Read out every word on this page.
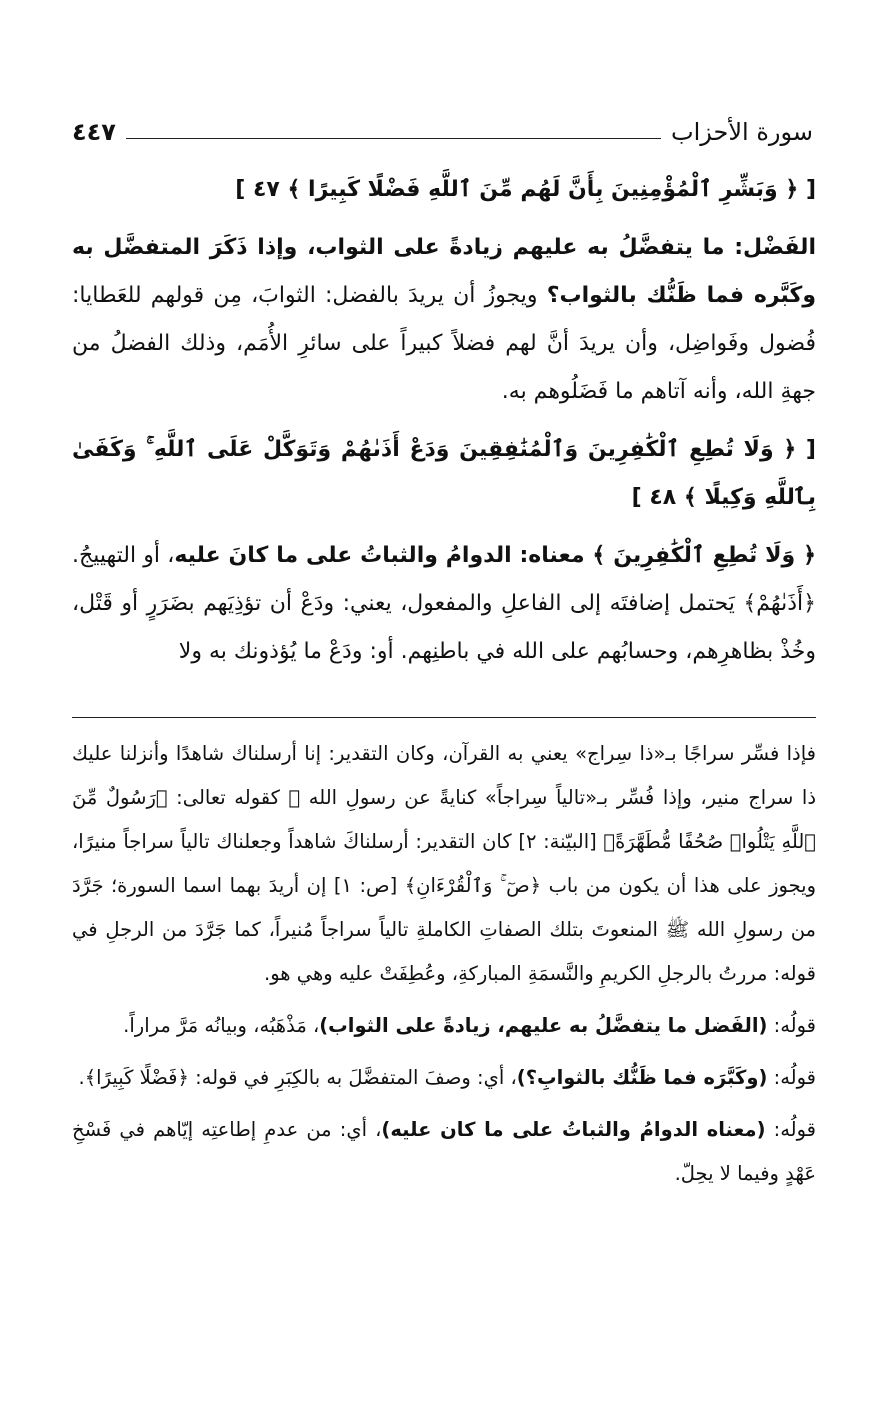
سورة الأحزاب
٤٤٧

[ ﴿ وَبَشِّرِ ٱلْمُؤْمِنِينَ بِأَنَّ لَهُم مِّنَ ٱللَّهِ فَضْلًا كَبِيرًا ﴾ ٤٧ ]

الفَضْل: ما يتفضَّلُ به عليهم زيادةً على الثواب، وإذا ذَكَرَ المتفضَّل به وكَبَّره فما ظَنُّك بالثواب؟ ويجوزُ أن يريدَ بالفضل: الثوابَ، مِن قولهم للعَطايا: فُضول وفَواضِل، وأن يريدَ أنَّ لهم فضلاً كبيراً على سائرِ الأُمَم، وذلك الفضلُ من جهةِ الله، وأنه آتاهم ما فَضَلُوهم به.

[ ﴿ وَلَا تُطِعِ ٱلْكَٰفِرِينَ وَٱلْمُنَٰفِقِينَ وَدَعْ أَذَىٰهُمْ وَتَوَكَّلْ عَلَى ٱللَّهِ ۚ وَكَفَىٰ بِٱللَّهِ وَكِيلًا ﴾ ٤٨ ]

﴿ وَلَا تُطِعِ ٱلْكَٰفِرِينَ ﴾ معناه: الدوامُ والثباتُ على ما كانَ عليه، أو التهييجُ. ﴿أَذَىٰهُمْ﴾ يَحتمل إضافتَه إلى الفاعلِ والمفعول، يعني: ودَعْ أن تؤذِيَهم بضَرَرٍ أو قَتْل، وخُذْ بظاهرِهم، وحسابُهم على الله في باطنِهم. أو: ودَعْ ما يُؤذونك به ولا

فإذا فسِّر سراجًا بـ«ذا سِراج» يعني به القرآن، وكان التقدير: إنا أرسلناك شاهدًا وأنزلنا عليك ذا سراج منير، وإذا فُسِّر بـ«تالياً سِراجاً» كنايةً عن رسولِ الله ﷺ كقوله تعالى: ﴿رَسُولٌ مِّنَ ٱللَّهِ يَتْلُوا۟ صُحُفًا مُّطَهَّرَةً﴾ [البيّنة: ٢] كان التقدير: أرسلناكَ شاهداً وجعلناك تالياً سراجاً منيرًا، ويجوز على هذا أن يكون من باب ﴿صٓ ۚ وَٱلْقُرْءَانِ﴾ [ص: ١] إن أريدَ بهما اسما السورة؛ جَرَّدَ من رسولِ الله ﷺ المنعوتَ بتلك الصفاتِ الكاملةِ تالياً سراجاً مُنيراً، كما جَرَّدَ من الرجلِ في قوله: مررتُ بالرجلِ الكريمِ والنَّسمَةِ المباركةِ، وعُطِفَتْ عليه وهي هو.

قولُه: (الفَضل ما يتفضَّلُ به عليهم، زيادةً على الثواب)، مَذْهَبُه، وبيانُه مَرَّ مراراً.

قولُه: (وكَبَّرَه فما ظَنُّك بالثوابِ؟)، أي: وصفَ المتفضَّلَ به بالكِبَرِ في قوله: ﴿فَضْلًا كَبِيرًا﴾.

قولُه: (معناه الدوامُ والثباتُ على ما كان عليه)، أي: من عدمِ إطاعتِه إيّاهم في فَسْخِ عَهْدٍ وفيما لا يحِلّ.
